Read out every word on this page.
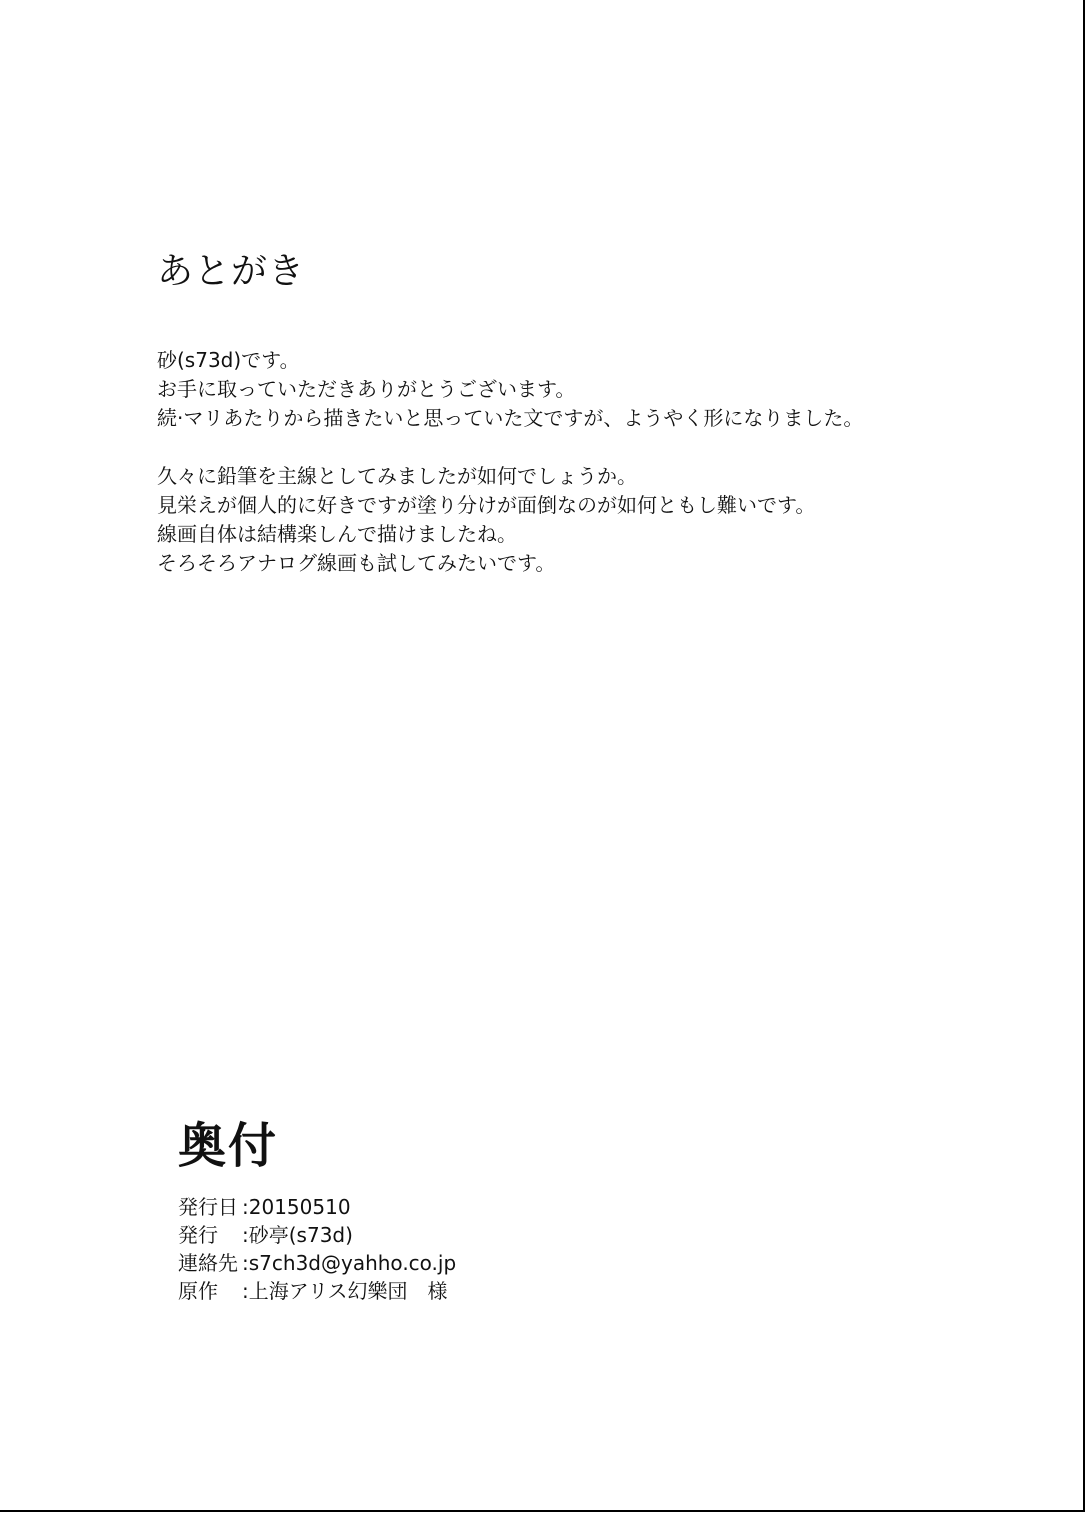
あとがき

砂(s73d)です。
お手に取っていただきありがとうございます。
続·マリあたりから描きたいと思っていた文ですが、ようやく形になりました。

久々に鉛筆を主線としてみましたが如何でしょうか。
見栄えが個人的に好きですが塗り分けが面倒なのが如何ともし難いです。
線画自体は結構楽しんで描けましたね。
そろそろアナログ線画も試してみたいです。

奥付
発行日 :20150510
発行　:砂亭(s73d)
連絡先 :s7ch3d@yahho.co.jp
原作　:上海アリス幻樂団　様
